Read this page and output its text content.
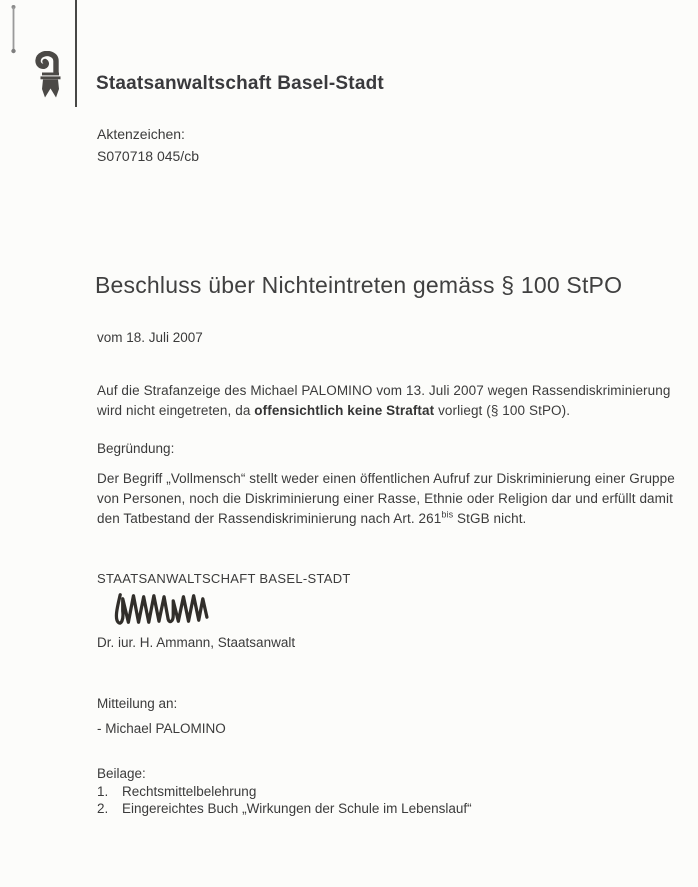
Staatsanwaltschaft Basel-Stadt
Aktenzeichen:
S070718 045/cb
Beschluss über Nichteintreten gemäss § 100 StPO
vom 18. Juli 2007
Auf die Strafanzeige des Michael PALOMINO vom 13. Juli 2007 wegen Rassendiskriminierung
wird nicht eingetreten, da offensichtlich keine Straftat vorliegt (§ 100 StPO).
Begründung:
Der Begriff „Vollmensch“ stellt weder einen öffentlichen Aufruf zur Diskriminierung einer Gruppe
von Personen, noch die Diskriminierung einer Rasse, Ethnie oder Religion dar und erfüllt damit
den Tatbestand der Rassendiskriminierung nach Art. $261^{bis}$ StGB nicht.
STAATSANWALTSCHAFT BASEL-STADT
Dr. iur. H. Ammann, Staatsanwalt
Mitteilung an:
- Michael PALOMINO
Beilage:
1.	Rechtsmittelbelehrung
2.	Eingereichtes Buch „Wirkungen der Schule im Lebenslauf“
